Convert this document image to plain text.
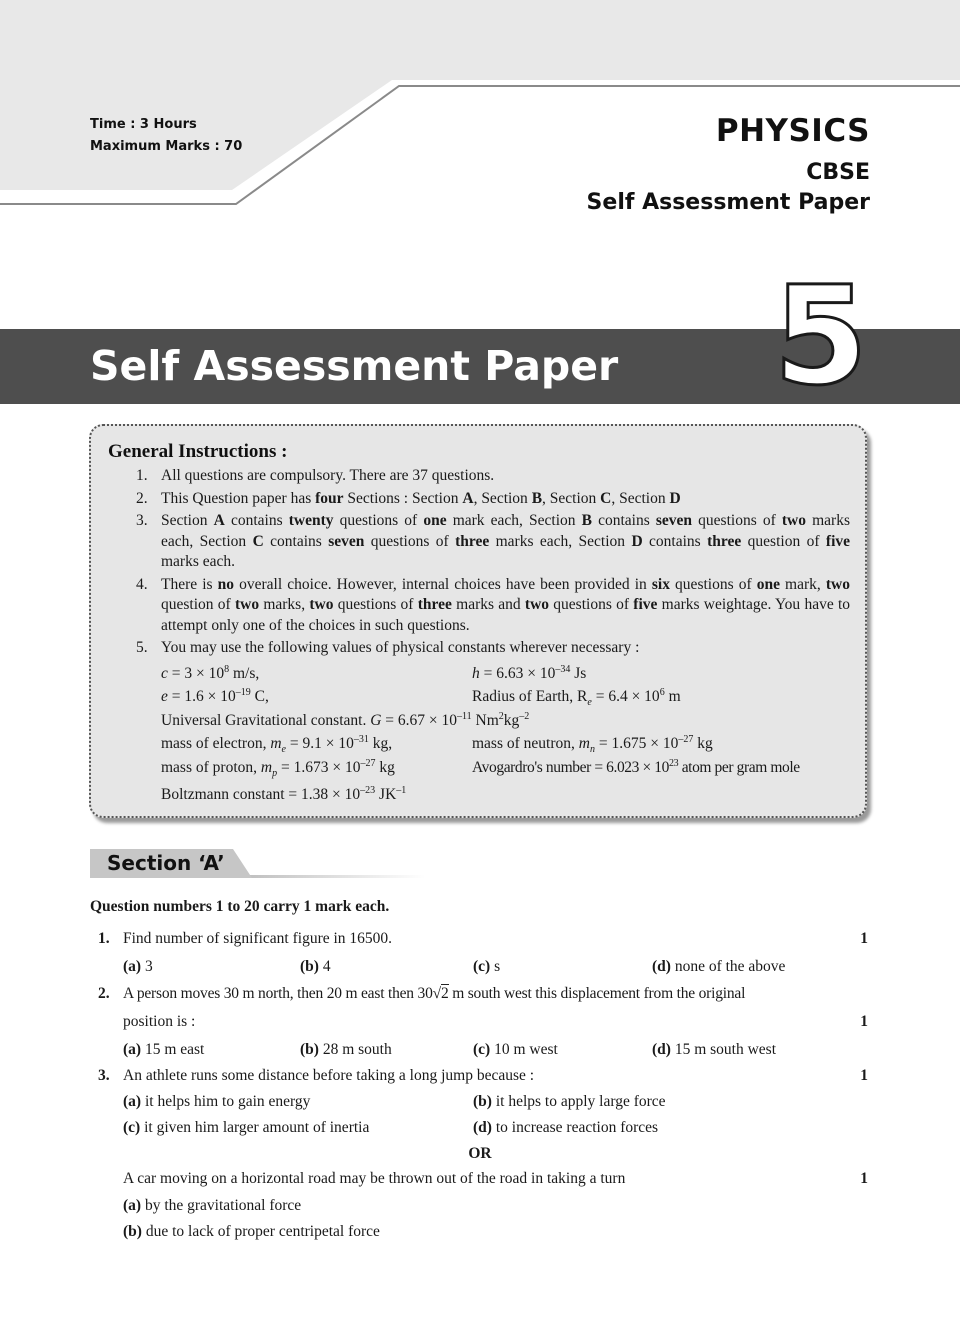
Time : 3 Hours
Maximum Marks : 70	PHYSICS
CBSE
Self Assessment Paper
Self Assessment Paper 5
General Instructions :
1. All questions are compulsory. There are 37 questions.
2. This Question paper has four Sections : Section A, Section B, Section C, Section D
3. Section A contains twenty questions of one mark each, Section B contains seven questions of two marks each, Section C contains seven questions of three marks each, Section D contains three question of five marks each.
4. There is no overall choice. However, internal choices have been provided in six questions of one mark, two question of two marks, two questions of three marks and two questions of five marks weightage. You have to attempt only one of the choices in such questions.
5. You may use the following values of physical constants wherever necessary :
$c = 3 \times 10^8$ m/s,	$h = 6.63 \times 10^{-34}$ Js
$e = 1.6 \times 10^{-19}$ C,	Radius of Earth, $R_e = 6.4 \times 10^6$ m
Universal Gravitational constant. $G = 6.67 \times 10^{-11}$ $Nm^2kg^{-2}$
mass of electron, $m_e = 9.1 \times 10^{-31}$ kg,	mass of neutron, $m_n = 1.675 \times 10^{-27}$ kg
mass of proton, $m_p = 1.673 \times 10^{-27}$ kg	Avogardro's number = $6.023 \times 10^{23}$ atom per gram mole
Boltzmann constant = $1.38 \times 10^{-23}$ $JK^{-1}$
Section ‘A’
Question numbers 1 to 20 carry 1 mark each.
1. Find number of significant figure in 16500.	1
(a) 3	(b) 4	(c) s	(d) none of the above
2. A person moves 30 m north, then 20 m east then 30√2 m south west this displacement from the original
position is :	1
(a) 15 m east	(b) 28 m south	(c) 10 m west	(d) 15 m south west
3. An athlete runs some distance before taking a long jump because :	1
(a) it helps him to gain energy	(b) it helps to apply large force
(c) it given him larger amount of inertia	(d) to increase reaction forces
OR
A car moving on a horizontal road may be thrown out of the road in taking a turn	1
(a) by the gravitational force
(b) due to lack of proper centripetal force
